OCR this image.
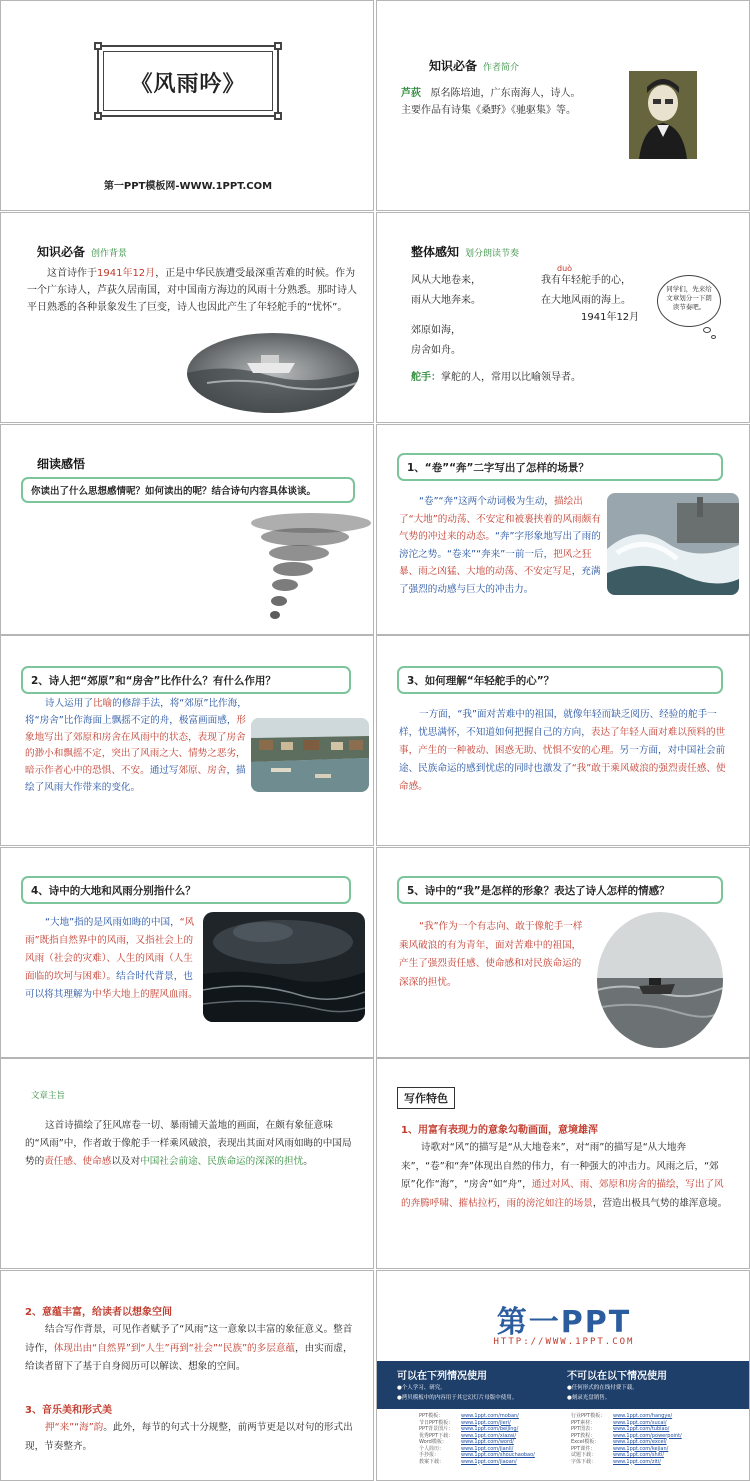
《风雨吟》
第一PPT模板网-WWW.1PPT.COM
知识必备 作者简介
芦荻 原名陈培迪，广东南海人，诗人。
主要作品有诗集《桑野》《驰驱集》等。
知识必备 创作背景
这首诗作于1941年12月，正是中华民族遭受最深重苦难的时候。作为一个广东诗人，芦荻久居南国，对中国南方海边的风雨十分熟悉。那时诗人平日熟悉的各种景象发生了巨变，诗人也因此产生了年轻舵手的“忧怀”。
整体感知 划分朗读节奏
duò
风从大地卷来，	我有年轻舵手的心，
雨从大地奔来。	在大地风雨的海上。
1941年12月
郊原如海，
房舍如舟。
同学们，先来给文章划分一下朗读节奏吧。
舵手：掌舵的人，常用以比喻领导者。
细读感悟
你读出了什么思想感情呢？如何读出的呢？结合诗句内容具体谈谈。
1、“卷”“奔”二字写出了怎样的场景？
“卷”“奔”这两个动词极为生动，描绘出了“大地”的动荡、不安定和被裹挟着的风雨颇有气势的冲过来的动态。“奔”字形象地写出了雨的滂沱之势。“卷来”“奔来”一前一后，把风之狂暴、雨之凶猛、大地的动荡、不安定写足，充满了强烈的动感与巨大的冲击力。
2、诗人把“郊原”和“房舍”比作什么？有什么作用？
诗人运用了比喻的修辞手法，将“郊原”比作海，将“房舍”比作海面上飘摇不定的舟，极富画面感，形象地写出了郊原和房舍在风雨中的状态，表现了房舍的渺小和飘摇不定，突出了风雨之大、情势之恶劣，暗示作者心中的恐惧、不安。通过写郊原、房舍，描绘了风雨大作带来的变化。
3、如何理解“年轻舵手的心”？
一方面，“我”面对苦难中的祖国，就像年轻而缺乏阅历、经验的舵手一样，忧思满怀，不知道如何把握自己的方向，表达了年轻人面对难以预料的世事，产生的一种被动、困惑无助、忧惧不安的心理。另一方面，对中国社会前途、民族命运的感到忧虑的同时也激发了“我”敢于乘风破浪的强烈责任感、使命感。
4、诗中的大地和风雨分别指什么？
“大地”指的是风雨如晦的中国，“风雨”既指自然界中的风雨，又指社会上的风雨（社会的灾难）、人生的风雨（人生面临的坎坷与困难）。结合时代背景，也可以将其理解为中华大地上的腥风血雨。
5、诗中的“我”是怎样的形象？表达了诗人怎样的情感？
“我”作为一个有志向、敢于像舵手一样乘风破浪的有为青年，面对苦难中的祖国，产生了强烈责任感、使命感和对民族命运的深深的担忧。
文章主旨
这首诗描绘了狂风席卷一切、暴雨铺天盖地的画面，在颇有象征意味的“风雨”中，作者敢于像舵手一样乘风破浪，表现出其面对风雨如晦的中国局势的责任感、使命感以及对中国社会前途、民族命运的深深的担忧。
写作特色
1、用富有表现力的意象勾勒画面，意境雄浑
诗歌对“风”的描写是“从大地卷来”，对“雨”的描写是“从大地奔来”，“卷”和“奔”体现出自然的伟力，有一种强大的冲击力。风雨之后，“郊原”化作“海”，“房舍”如“舟”，通过对风、雨、郊原和房舍的描绘，写出了风的奔腾呼啸、摧枯拉朽，雨的滂沱如注的场景，营造出极具气势的雄浑意境。
2、意蕴丰富，给读者以想象空间
结合写作背景，可见作者赋予了“风雨”这一意象以丰富的象征意义。整首诗作，体现出由“自然界”到“人生”再到“社会”“民族”的多层意蕴，由实而虚，给读者留下了基于自身阅历可以解读、想象的空间。
3、音乐美和形式美
押“来”“海”韵。此外，每节的句式十分规整，前两节更是以对句的形式出现，节奏整齐。
第一PPT
HTTP://WWW.1PPT.COM
可以在下列情况使用
●个人学习、研究。
●拷贝模板中的内容用于其它幻灯片母版中使用。
不可以在以下情况使用
●任何形式的在线付费下载。
●刻录光盘销售。
PPT模板：	www.1ppt.com/moban/
节日PPT模板： www.1ppt.com/jieri/
PPT背景图片： www.1ppt.com/beijing/
优秀PPT下载： www.1ppt.com/xiazai/
Word模板：	www.1ppt.com/word/
个人简历：	www.1ppt.com/jianli/
手抄报：	www.1ppt.com/shouchaobao/
教案下载：	www.1ppt.com/jiaoan/
行业PPT模板： www.1ppt.com/hangye/
PPT素材：	www.1ppt.com/sucai/
PPT图表：	www.1ppt.com/tubiao/
PPT教程：	www.1ppt.com/powerpoint/
Excel模板：	www.1ppt.com/excel/
PPT课件：	www.1ppt.com/kejian/
试题下载：	www.1ppt.com/shiti/
字体下载：	www.1ppt.com/ziti/
